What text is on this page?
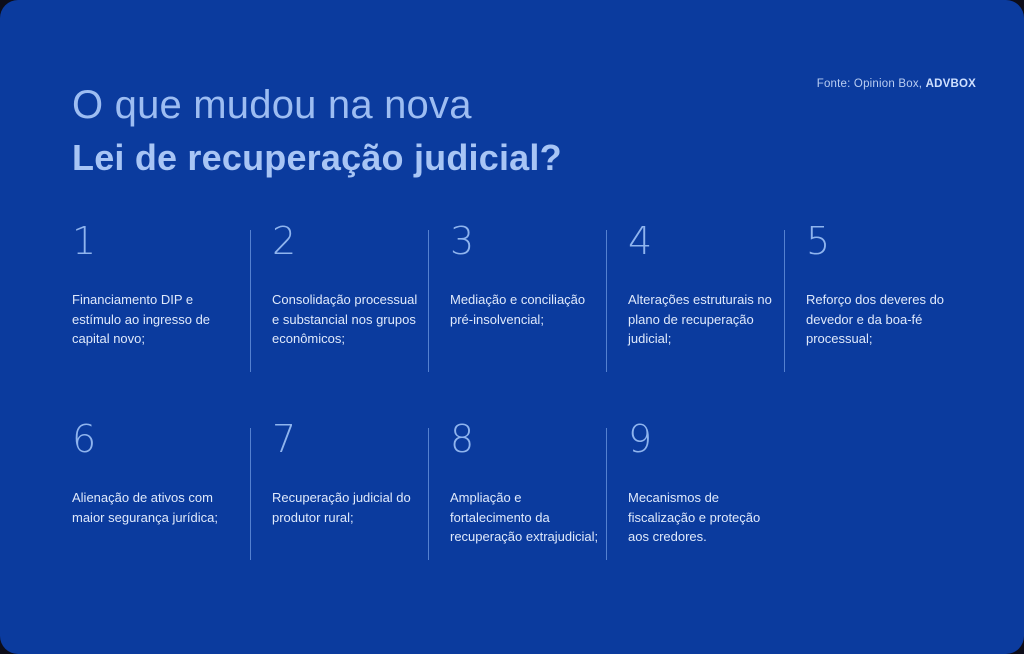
Fonte: Opinion Box, ADVBOX
O que mudou na nova
Lei de recuperação judicial?
1
Financiamento DIP e estímulo ao ingresso de capital novo;
2
Consolidação processual e substancial nos grupos econômicos;
3
Mediação e conciliação pré-insolvencial;
4
Alterações estruturais no plano de recuperação judicial;
5
Reforço dos deveres do devedor e da boa-fé processual;
6
Alienação de ativos com maior segurança jurídica;
7
Recuperação judicial do produtor rural;
8
Ampliação e fortalecimento da recuperação extrajudicial;
9
Mecanismos de fiscalização e proteção aos credores.
